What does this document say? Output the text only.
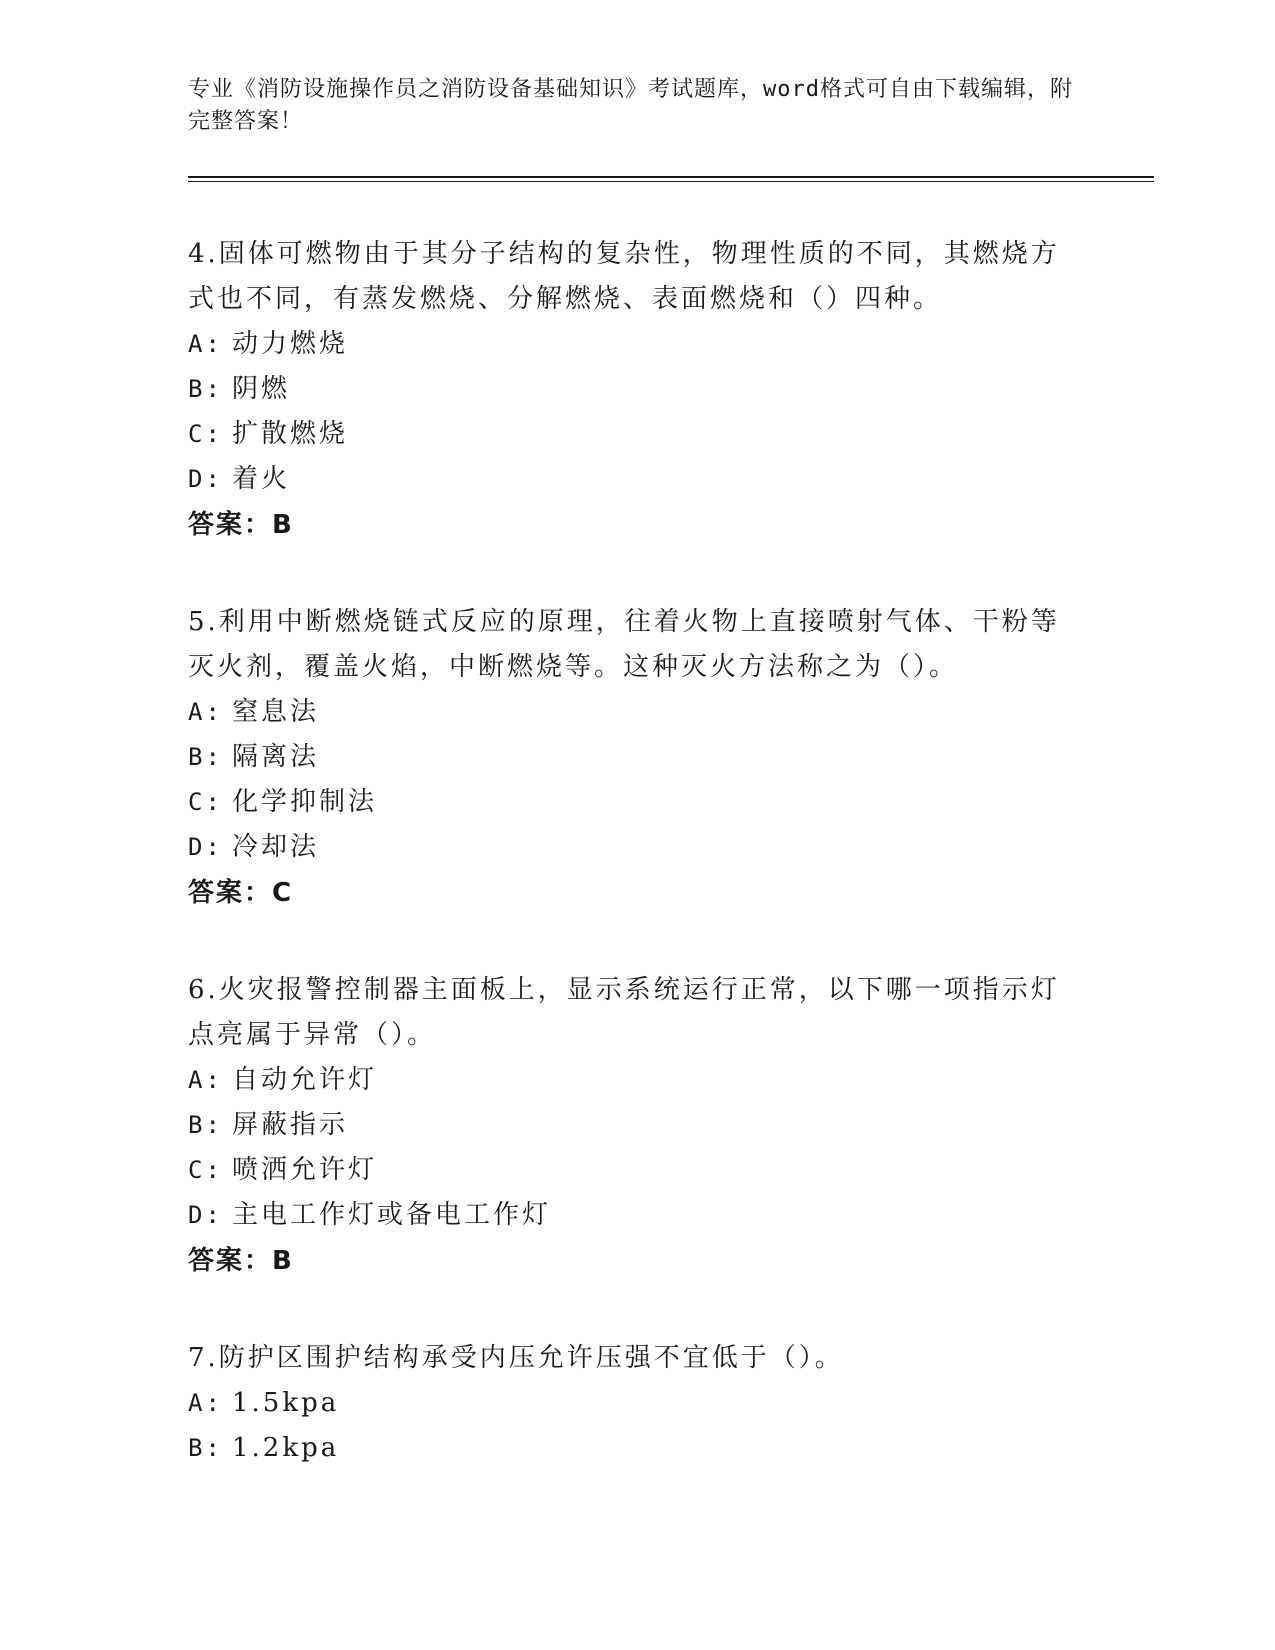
专业《消防设施操作员之消防设备基础知识》考试题库，word格式可自由下载编辑，附完整答案！

4.固体可燃物由于其分子结构的复杂性，物理性质的不同，其燃烧方式也不同，有蒸发燃烧、分解燃烧、表面燃烧和（）四种。

A: 动力燃烧

B: 阴燃

C: 扩散燃烧

D: 着火

答案：B

5.利用中断燃烧链式反应的原理，往着火物上直接喷射气体、干粉等灭火剂，覆盖火焰，中断燃烧等。这种灭火方法称之为（）。

A: 窒息法

B: 隔离法

C: 化学抑制法

D: 冷却法

答案：C

6.火灾报警控制器主面板上，显示系统运行正常，以下哪一项指示灯点亮属于异常（）。

A: 自动允许灯

B: 屏蔽指示

C: 喷洒允许灯

D: 主电工作灯或备电工作灯

答案：B

7.防护区围护结构承受内压允许压强不宜低于（）。

A: 1.5kpa

B: 1.2kpa
